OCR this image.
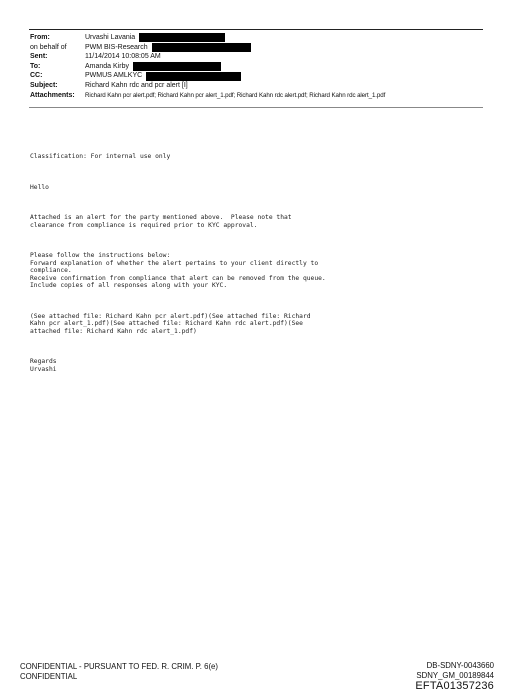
From:	Urvashi Lavania
on behalf of	PWM BIS-Research
Sent:	11/14/2014 10:08:05 AM
To:	Amanda Kirby
CC:	PWMUS AMLKYC
Subject:	Richard Kahn rdc and pcr alert [I]
Attachments:	Richard Kahn pcr alert.pdf; Richard Kahn pcr alert_1.pdf; Richard Kahn rdc alert.pdf; Richard Kahn rdc alert_1.pdf

Classification: For internal use only

Hello

Attached is an alert for the party mentioned above.  Please note that
clearance from compliance is required prior to KYC approval.

Please follow the instructions below:
Forward explanation of whether the alert pertains to your client directly to
compliance.
Receive confirmation from compliance that alert can be removed from the queue.
Include copies of all responses along with your KYC.

(See attached file: Richard Kahn pcr alert.pdf)(See attached file: Richard
Kahn pcr alert_1.pdf)(See attached file: Richard Kahn rdc alert.pdf)(See
attached file: Richard Kahn rdc alert_1.pdf)

Regards
Urvashi

CONFIDENTIAL - PURSUANT TO FED. R. CRIM. P. 6(e)
CONFIDENTIAL
DB-SDNY-0043660
SDNY_GM_00189844
EFTA01357236
